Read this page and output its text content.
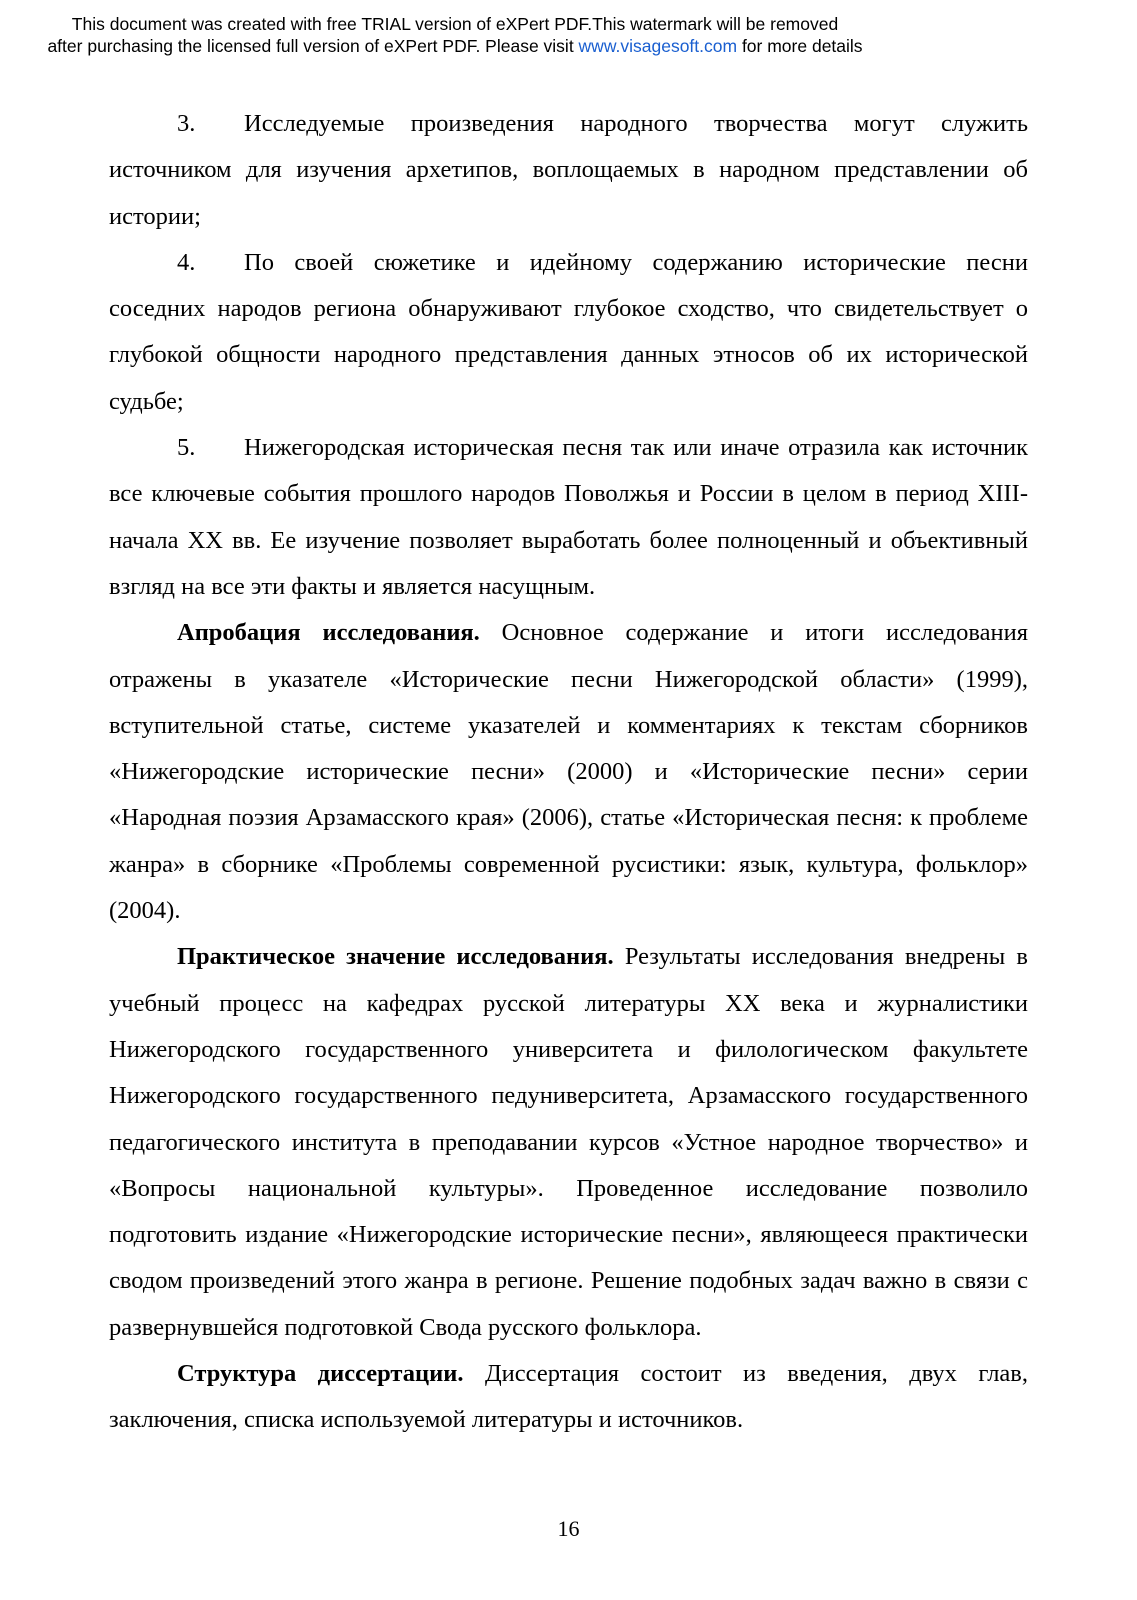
This document was created with free TRIAL version of eXPert PDF.This watermark will be removed
after purchasing the licensed full version of eXPert PDF. Please visit www.visagesoft.com for more details

3. Исследуемые произведения народного творчества могут служить источником для изучения архетипов, воплощаемых в народном представлении об истории;

4. По своей сюжетике и идейному содержанию исторические песни соседних народов региона обнаруживают глубокое сходство, что свидетельствует о глубокой общности народного представления данных этносов об их исторической судьбе;

5. Нижегородская историческая песня так или иначе отразила как источник все ключевые события прошлого народов Поволжья и России в целом в период XIII-начала XX вв. Ее изучение позволяет выработать более полноценный и объективный взгляд на все эти факты и является насущным.

Апробация исследования. Основное содержание и итоги исследования отражены в указателе «Исторические песни Нижегородской области» (1999), вступительной статье, системе указателей и комментариях к текстам сборников «Нижегородские исторические песни» (2000) и «Исторические песни» серии «Народная поэзия Арзамасского края» (2006), статье «Историческая песня: к проблеме жанра» в сборнике «Проблемы современной русистики: язык, культура, фольклор» (2004).

Практическое значение исследования. Результаты исследования внедрены в учебный процесс на кафедрах русской литературы XX века и журналистики Нижегородского государственного университета и филологическом факультете Нижегородского государственного педуниверситета, Арзамасского государственного педагогического института в преподавании курсов «Устное народное творчество» и «Вопросы национальной культуры». Проведенное исследование позволило подготовить издание «Нижегородские исторические песни», являющееся практически сводом произведений этого жанра в регионе. Решение подобных задач важно в связи с развернувшейся подготовкой Свода русского фольклора.

Структура диссертации. Диссертация состоит из введения, двух глав, заключения, списка используемой литературы и источников.

16
